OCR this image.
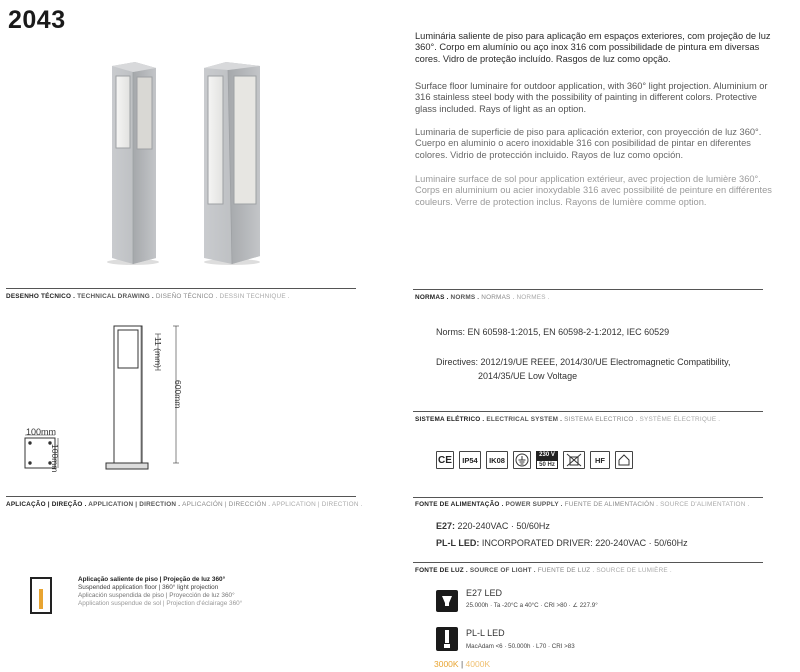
2043
Luminária saliente de piso para aplicação em espaços exteriores, com projeção de luz 360°. Corpo em alumínio ou aço inox 316 com possibilidade de pintura em diversas cores. Vidro de proteção incluído. Rasgos de luz como opção.
Surface floor luminaire for outdoor application, with 360° light projection. Aluminium or 316 stainless steel body with the possibility of painting in different colors. Protective glass included. Rays of light as an option.
Luminaria de superficie de piso para aplicación exterior, con proyección de luz 360°. Cuerpo en aluminio o acero inoxidable 316 con posibilidad de pintar en diferentes colores. Vidrio de protección incluido. Rayos de luz como opción.
Luminaire surface de sol pour application extérieur, avec projection de lumière 360°. Corps en aluminium ou acier inoxydable 316 avec possibilité de peinture en différentes couleurs. Verre de protection inclus. Rayons de lumière comme option.
DESENHO TÉCNICO . TECHNICAL DRAWING . DISEÑO TÉCNICO . DESSIN TECHNIQUE .
100mm
100mm
11 (mm)
600mm
NORMAS . NORMS . NORMAS . NORMES .
Norms: EN 60598-1:2015, EN 60598-2-1:2012, IEC 60529
Directives: 2012/19/UE REEE, 2014/30/UE Electromagnetic Compatibility,
2014/35/UE Low Voltage
SISTEMA ELÉTRICO . ELECTRICAL SYSTEM . SISTEMA ELECTRICO . SYSTÈME ÉLECTRIQUE .
CE	IP54	IK08
230 V
50 Hz
HF
APLICAÇÃO | DIREÇÃO . APPLICATION | DIRECTION . APLICACIÓN | DIRECCIÓN . APPLICATION | DIRECTION .
Aplicação saliente de piso | Projeção de luz 360°
Suspended application floor | 360° light projection
Aplicación suspendida de piso | Proyección de luz 360°
Application suspendue de sol | Projection d'éclairage 360°
FONTE DE ALIMENTAÇÃO . POWER SUPPLY . FUENTE DE ALIMENTACIÓN . SOURCE D'ALIMENTATION .
E27: 220-240VAC · 50/60Hz
PL-L LED: INCORPORATED DRIVER: 220-240VAC · 50/60Hz
FONTE DE LUZ . SOURCE OF LIGHT . FUENTE DE LUZ . SOURCE DE LUMIÈRE .
E27 LED
25.000h · Ta -20°C a 40°C · CRI >80 · ∠ 227.9°
PL-L LED
MacAdam <6 · 50.000h · L70 · CRI >83
3000K | 4000K
